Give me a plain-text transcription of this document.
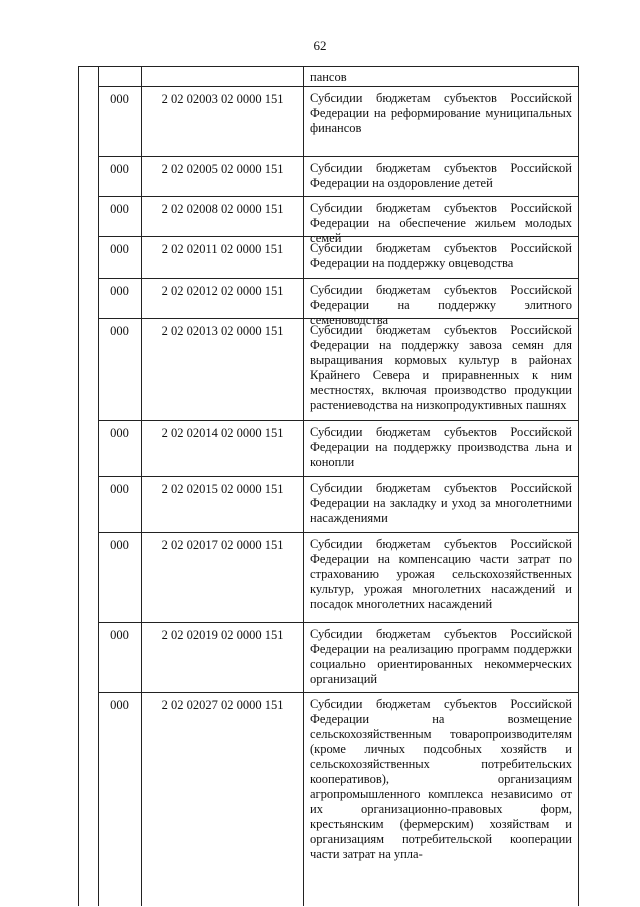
62
пансов
000	2 02 02003 02 0000 151	Субсидии бюджетам субъектов Российской Федерации на реформирование муниципальных финансов
000	2 02 02005 02 0000 151	Субсидии бюджетам субъектов Российской Федерации на оздоровление детей
000	2 02 02008 02 0000 151	Субсидии бюджетам субъектов Российской Федерации на обеспечение жильем молодых семей
000	2 02 02011 02 0000 151	Субсидии бюджетам субъектов Российской Федерации на поддержку овцеводства
000	2 02 02012 02 0000 151	Субсидии бюджетам субъектов Российской Федерации на поддержку элитного семеноводства
000	2 02 02013 02 0000 151	Субсидии бюджетам субъектов Российской Федерации на поддержку завоза семян для выращивания кормовых культур в районах Крайнего Севера и приравненных к ним местностях, включая производство продукции растениеводства на низкопродуктивных пашнях
000	2 02 02014 02 0000 151	Субсидии бюджетам субъектов Российской Федерации на поддержку производства льна и конопли
000	2 02 02015 02 0000 151	Субсидии бюджетам субъектов Российской Федерации на закладку и уход за многолетними насаждениями
000	2 02 02017 02 0000 151	Субсидии бюджетам субъектов Российской Федерации на компенсацию части затрат по страхованию урожая сельскохозяйственных культур, урожая многолетних насаждений и посадок многолетних насаждений
000	2 02 02019 02 0000 151	Субсидии бюджетам субъектов Российской Федерации на реализацию программ поддержки социально ориентированных некоммерческих организаций
000	2 02 02027 02 0000 151	Субсидии бюджетам субъектов Российской Федерации на возмещение сельскохозяйственным товаропроизводителям (кроме личных подсобных хозяйств и сельскохозяйственных потребительских кооперативов), организациям агропромышленного комплекса независимо от их организационно-правовых форм, крестьянским (фермерским) хозяйствам и организациям потребительской кооперации части затрат на упла-
